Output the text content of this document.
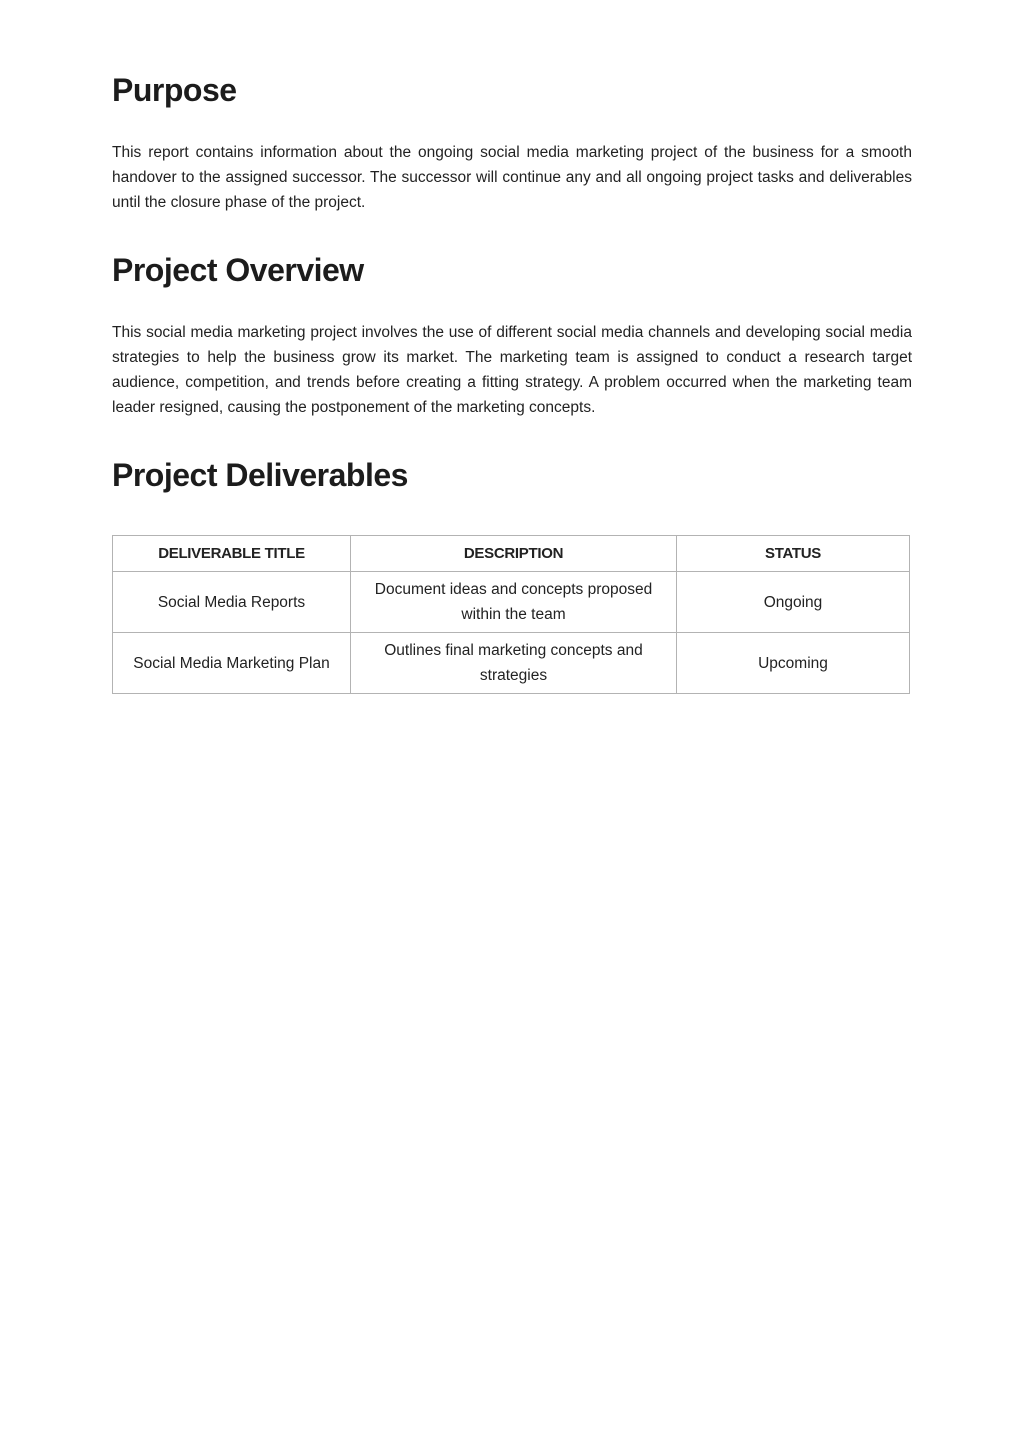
Purpose

This report contains information about the ongoing social media marketing project of the business for a smooth handover to the assigned successor. The successor will continue any and all ongoing project tasks and deliverables until the closure phase of the project.

Project Overview

This social media marketing project involves the use of different social media channels and developing social media strategies to help the business grow its market. The marketing team is assigned to conduct a research target audience, competition, and trends before creating a fitting strategy. A problem occurred when the marketing team leader resigned, causing the postponement of the marketing concepts.

Project Deliverables
DELIVERABLE TITLE	DESCRIPTION	STATUS
Social Media Reports	Document ideas and concepts proposed within the team	Ongoing
Social Media Marketing Plan	Outlines final marketing concepts and strategies	Upcoming
